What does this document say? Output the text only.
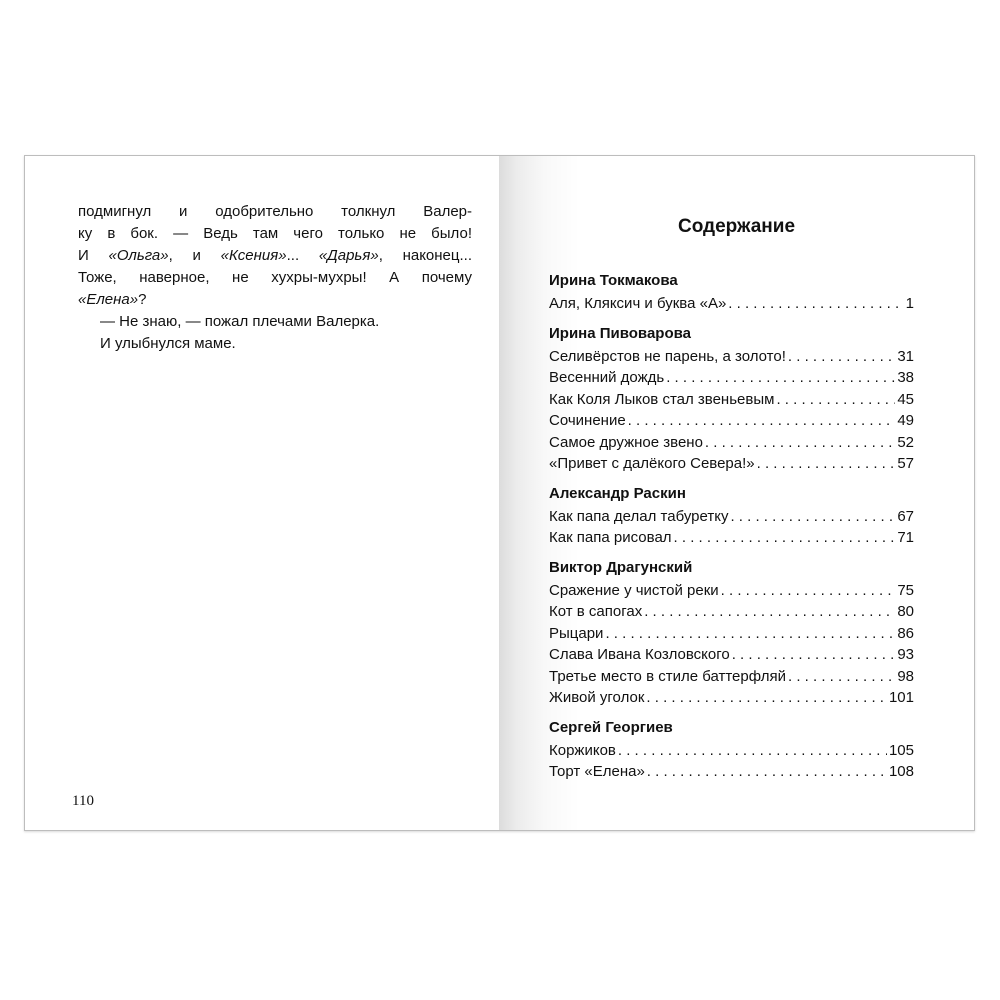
подмигнул и одобрительно толкнул Валер-
ку в бок. — Ведь там чего только не было!
И «Ольга», и «Ксения»... «Дарья», наконец...
Тоже, наверное, не хухры-мухры! А почему
«Елена»?
— Не знаю, — пожал плечами Валерка.
И улыбнулся маме.
110
Содержание
Ирина Токмакова
Аля, Кляксич и буква «А» . . .	1
Ирина Пивоварова
Селивёрстов не парень, а золото! . . .	31
Весенний дождь . . .	38
Как Коля Лыков стал звеньевым . . .	45
Сочинение . . .	49
Самое дружное звено . . .	52
«Привет с далёкого Севера!» . . .	57
Александр Раскин
Как папа делал табуретку . . .	67
Как папа рисовал . . .	71
Виктор Драгунский
Сражение у чистой реки . . .	75
Кот в сапогах . . .	80
Рыцари . . .	86
Слава Ивана Козловского . . .	93
Третье место в стиле баттерфляй . . .	98
Живой уголок . . .	101
Сергей Георгиев
Коржиков . . .	105
Торт «Елена» . . .	108
